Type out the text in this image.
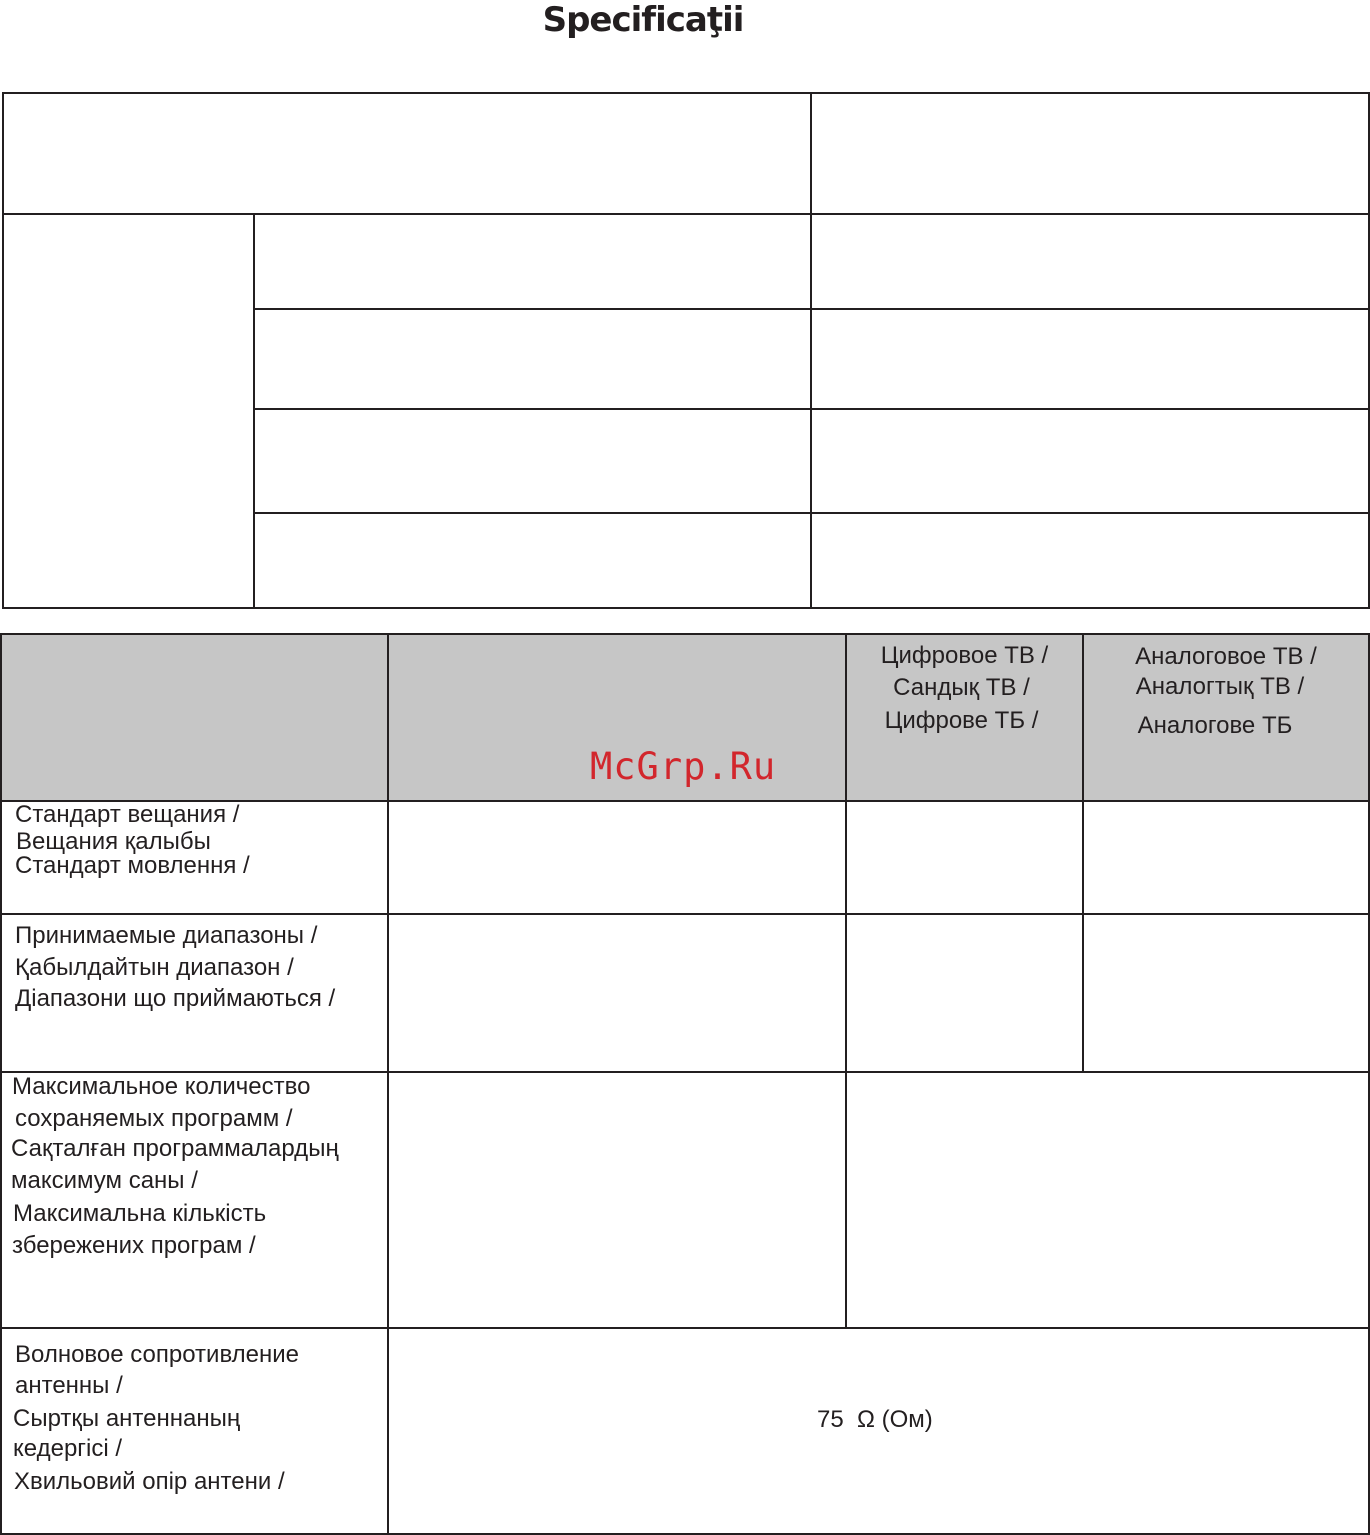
Specificaţii
Цифровое ТВ /
Сандық ТВ /
Цифрове ТБ /
Аналоговое ТВ /
Аналогтық ТВ /
Аналогове ТБ
McGrp.Ru
Стандарт вещания /
Вещания қалыбы
Стандарт мовлення /
Принимаемые диапазоны /
Қабылдайтын диапазон /
Діапазони що приймаються /
Максимальное количество
сохраняемых программ /
Сақталған программалардың
максимум саны /
Максимальна кількість
збережених програм /
Волновое сопротивление
антенны /
Сыртқы антеннаның
кедергісі /
Хвильовий опір антени /
75  Ω (Ом)
